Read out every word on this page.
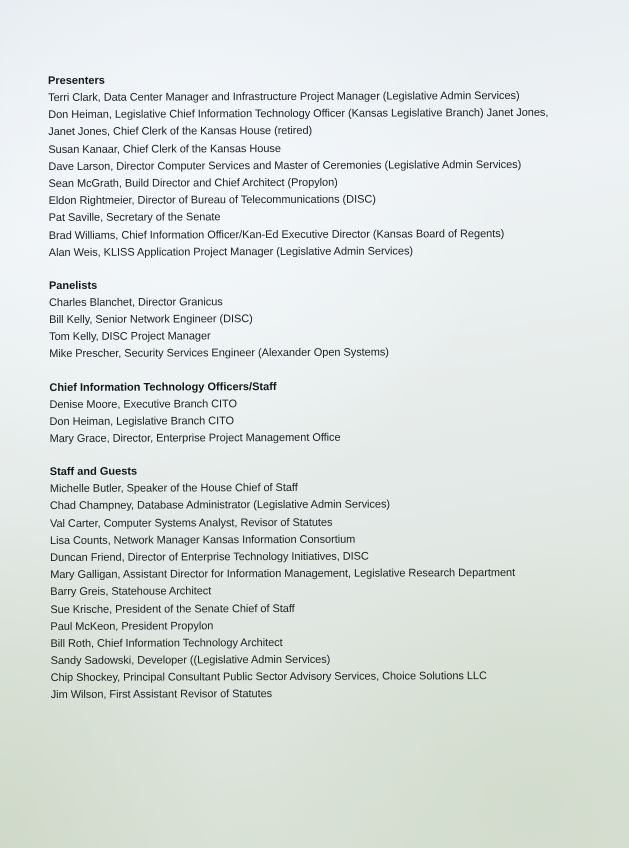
Presenters
Terri Clark, Data Center Manager and Infrastructure Project Manager (Legislative Admin Services)
Don Heiman, Legislative Chief Information Technology Officer (Kansas Legislative Branch) Janet Jones,
Janet Jones, Chief Clerk of the Kansas House (retired)
Susan Kanaar, Chief Clerk of the Kansas House
Dave Larson, Director Computer Services and Master of Ceremonies (Legislative Admin Services)
Sean McGrath, Build Director and Chief Architect (Propylon)
Eldon Rightmeier, Director of Bureau of Telecommunications (DISC)
Pat Saville, Secretary of the Senate
Brad Williams, Chief Information Officer/Kan-Ed Executive Director (Kansas Board of Regents)
Alan Weis, KLISS Application Project Manager (Legislative Admin Services)
Panelists
Charles Blanchet, Director Granicus
Bill Kelly, Senior Network Engineer (DISC)
Tom Kelly, DISC Project Manager
Mike Prescher, Security Services Engineer (Alexander Open Systems)
Chief Information Technology Officers/Staff
Denise Moore, Executive Branch CITO
Don Heiman, Legislative Branch CITO
Mary Grace, Director, Enterprise Project Management Office
Staff and Guests
Michelle Butler, Speaker of the House Chief of Staff
Chad Champney, Database Administrator (Legislative Admin Services)
Val Carter, Computer Systems Analyst, Revisor of Statutes
Lisa Counts, Network Manager Kansas Information Consortium
Duncan Friend, Director of Enterprise Technology Initiatives, DISC
Mary Galligan, Assistant Director for Information Management, Legislative Research Department
Barry Greis, Statehouse Architect
Sue Krische, President of the Senate Chief of Staff
Paul McKeon, President Propylon
Bill Roth, Chief Information Technology Architect
Sandy Sadowski, Developer ((Legislative Admin Services)
Chip Shockey, Principal Consultant Public Sector Advisory Services, Choice Solutions LLC
Jim Wilson, First Assistant Revisor of Statutes
